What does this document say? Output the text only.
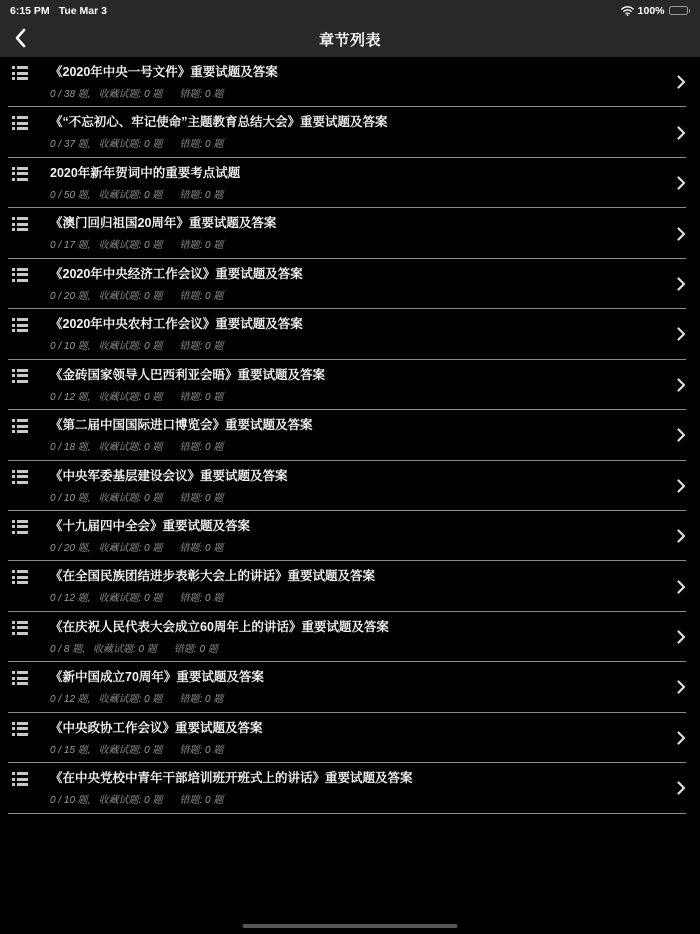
6:15 PM Tue Mar 3	100%
章节列表
《2020年中央一号文件》重要试题及答案
0 / 38 题, 收藏试题: 0 题 错题: 0 题
《“不忘初心、牢记使命”主题教育总结大会》重要试题及答案
0 / 37 题, 收藏试题: 0 题 错题: 0 题
2020年新年贺词中的重要考点试题
0 / 50 题, 收藏试题: 0 题 错题: 0 题
《澳门回归祖国20周年》重要试题及答案
0 / 17 题, 收藏试题: 0 题 错题: 0 题
《2020年中央经济工作会议》重要试题及答案
0 / 20 题, 收藏试题: 0 题 错题: 0 题
《2020年中央农村工作会议》重要试题及答案
0 / 10 题, 收藏试题: 0 题 错题: 0 题
《金砖国家领导人巴西利亚会晤》重要试题及答案
0 / 12 题, 收藏试题: 0 题 错题: 0 题
《第二届中国国际进口博览会》重要试题及答案
0 / 18 题, 收藏试题: 0 题 错题: 0 题
《中央军委基层建设会议》重要试题及答案
0 / 10 题, 收藏试题: 0 题 错题: 0 题
《十九届四中全会》重要试题及答案
0 / 20 题, 收藏试题: 0 题 错题: 0 题
《在全国民族团结进步表彰大会上的讲话》重要试题及答案
0 / 12 题, 收藏试题: 0 题 错题: 0 题
《在庆祝人民代表大会成立60周年上的讲话》重要试题及答案
0 / 8 题, 收藏试题: 0 题 错题: 0 题
《新中国成立70周年》重要试题及答案
0 / 12 题, 收藏试题: 0 题 错题: 0 题
《中央政协工作会议》重要试题及答案
0 / 15 题, 收藏试题: 0 题 错题: 0 题
《在中央党校中青年干部培训班开班式上的讲话》重要试题及答案
0 / 10 题, 收藏试题: 0 题 错题: 0 题
